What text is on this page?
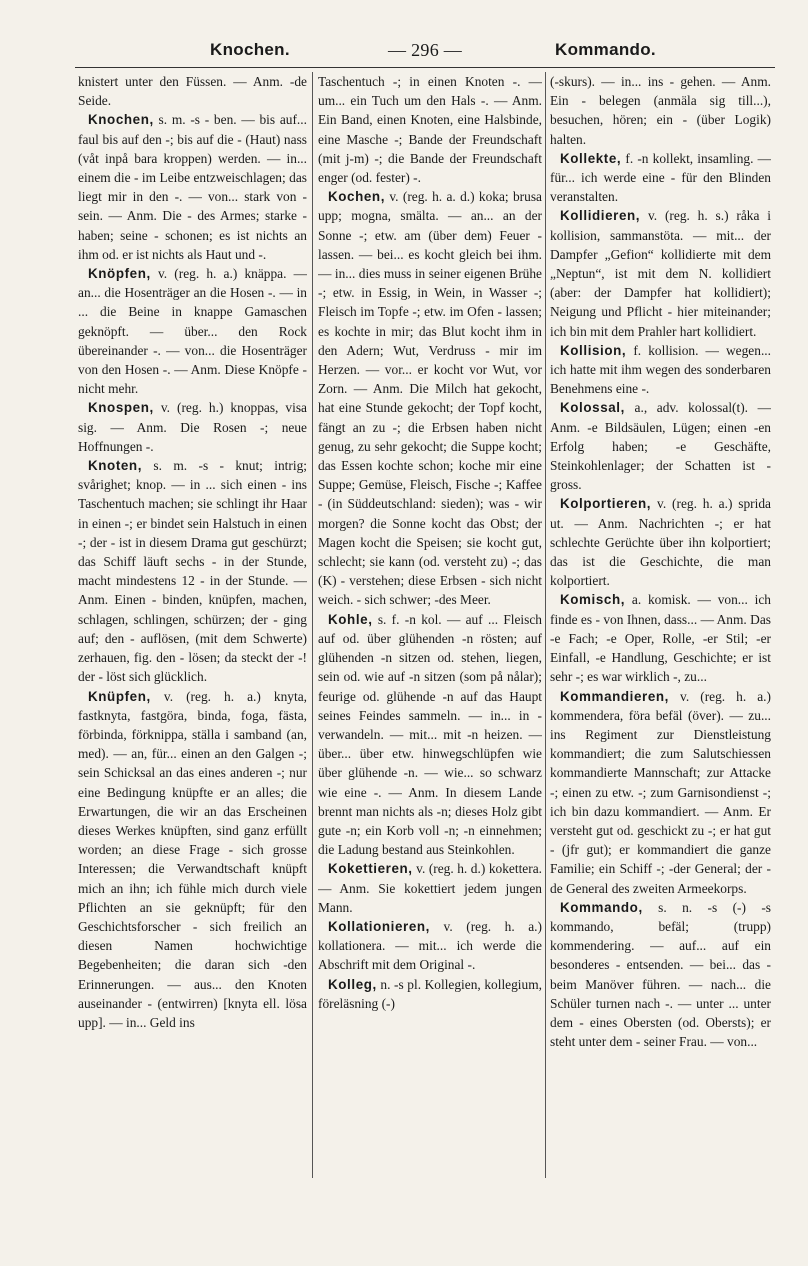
Knochen.	— 296 —	Kommando.

knistert unter den Füssen. — Anm. -de Seide.

Knochen, s. m. -s - ben. — bis auf... faul bis auf den -; bis auf die - (Haut) nass (våt inpå bara kroppen) werden. — in... einem die - im Leibe entzweischlagen; das liegt mir in den -. — von... stark von - sein. — Anm. Die - des Armes; starke - haben; seine - schonen; es ist nichts an ihm od. er ist nichts als Haut und -.

Knöpfen, v. (reg. h. a.) knäppa. — an... die Hosenträger an die Hosen -. — in ... die Beine in knappe Gamaschen geknöpft. — über... den Rock übereinander -. — von... die Hosenträger von den Hosen -. — Anm. Diese Knöpfe - nicht mehr.

Knospen, v. (reg. h.) knoppas, visa sig. — Anm. Die Rosen -; neue Hoffnungen -.

Knoten, s. m. -s - knut; intrig; svårighet; knop. — in ... sich einen - ins Taschentuch machen; sie schlingt ihr Haar in einen -; er bindet sein Halstuch in einen -; der - ist in diesem Drama gut geschürzt; das Schiff läuft sechs - in der Stunde, macht mindestens 12 - in der Stunde. — Anm. Einen - binden, knüpfen, machen, schlagen, schlingen, schürzen; der - ging auf; den - auflösen, (mit dem Schwerte) zerhauen, fig. den - lösen; da steckt der -! der - löst sich glücklich.

Knüpfen, v. (reg. h. a.) knyta, fastknyta, fastgöra, binda, foga, fästa, förbinda, förknippa, ställa i samband (an, med). — an, für... einen an den Galgen -; sein Schicksal an das eines anderen -; nur eine Bedingung knüpfte er an alles; die Erwartungen, die wir an das Erscheinen dieses Werkes knüpften, sind ganz erfüllt worden; an diese Frage - sich grosse Interessen; die Verwandtschaft knüpft mich an ihn; ich fühle mich durch viele Pflichten an sie geknüpft; für den Geschichtsforscher - sich freilich an diesen Namen hochwichtige Begebenheiten; die daran sich -den Erinnerungen. — aus... den Knoten auseinander - (entwirren) [knyta ell. lösa upp]. — in... Geld ins

Taschentuch -; in einen Knoten -. — um... ein Tuch um den Hals -. — Anm. Ein Band, einen Knoten, eine Halsbinde, eine Masche -; Bande der Freundschaft (mit j-m) -; die Bande der Freundschaft enger (od. fester) -.

Kochen, v. (reg. h. a. d.) koka; brusa upp; mogna, smälta. — an... an der Sonne -; etw. am (über dem) Feuer - lassen. — bei... es kocht gleich bei ihm. — in... dies muss in seiner eigenen Brühe -; etw. in Essig, in Wein, in Wasser -; Fleisch im Topfe -; etw. im Ofen - lassen; es kochte in mir; das Blut kocht ihm in den Adern; Wut, Verdruss - mir im Herzen. — vor... er kocht vor Wut, vor Zorn. — Anm. Die Milch hat gekocht, hat eine Stunde gekocht; der Topf kocht, fängt an zu -; die Erbsen haben nicht genug, zu sehr gekocht; die Suppe kocht; das Essen kochte schon; koche mir eine Suppe; Gemüse, Fleisch, Fische -; Kaffee - (in Süddeutschland: sieden); was - wir morgen? die Sonne kocht das Obst; der Magen kocht die Speisen; sie kocht gut, schlecht; sie kann (od. versteht zu) -; das (K) - verstehen; diese Erbsen - sich nicht weich. - sich schwer; -des Meer.

Kohle, s. f. -n kol. — auf ... Fleisch auf od. über glühenden -n rösten; auf glühenden -n sitzen od. stehen, liegen, sein od. wie auf -n sitzen (som på nålar); feurige od. glühende -n auf das Haupt seines Feindes sammeln. — in... in - verwandeln. — mit... mit -n heizen. — über... über etw. hinwegschlüpfen wie über glühende -n. — wie... so schwarz wie eine -. — Anm. In diesem Lande brennt man nichts als -n; dieses Holz gibt gute -n; ein Korb voll -n; -n einnehmen; die Ladung bestand aus Steinkohlen.

Kokettieren, v. (reg. h. d.) kokettera. — Anm. Sie kokettiert jedem jungen Mann.

Kollationieren, v. (reg. h. a.) kollationera. — mit... ich werde die Abschrift mit dem Original -.

Kolleg, n. -s pl. Kollegien, kollegium, föreläsning (-)

(-skurs). — in... ins - gehen. — Anm. Ein - belegen (anmäla sig till...), besuchen, hören; ein - (über Logik) halten.

Kollekte, f. -n kollekt, insamling. — für... ich werde eine - für den Blinden veranstalten.

Kollidieren, v. (reg. h. s.) råka i kollision, sammanstöta. — mit... der Dampfer „Gefion“ kollidierte mit dem „Neptun“, ist mit dem N. kollidiert (aber: der Dampfer hat kollidiert); Neigung und Pflicht - hier miteinander; ich bin mit dem Prahler hart kollidiert.

Kollision, f. kollision. — wegen... ich hatte mit ihm wegen des sonderbaren Benehmens eine -.

Kolossal, a., adv. kolossal(t). — Anm. -e Bildsäulen, Lügen; einen -en Erfolg haben; -e Geschäfte, Steinkohlenlager; der Schatten ist - gross.

Kolportieren, v. (reg. h. a.) sprida ut. — Anm. Nachrichten -; er hat schlechte Gerüchte über ihn kolportiert; das ist die Geschichte, die man kolportiert.

Komisch, a. komisk. — von... ich finde es - von Ihnen, dass... — Anm. Das -e Fach; -e Oper, Rolle, -er Stil; -er Einfall, -e Handlung, Geschichte; er ist sehr -; es war wirklich -, zu...

Kommandieren, v. (reg. h. a.) kommendera, föra befäl (över). — zu... ins Regiment zur Dienstleistung kommandiert; die zum Salutschiessen kommandierte Mannschaft; zur Attacke -; einen zu etw. -; zum Garnisondienst -; ich bin dazu kommandiert. — Anm. Er versteht gut od. geschickt zu -; er hat gut - (jfr gut); er kommandiert die ganze Familie; ein Schiff -; -der General; der -de General des zweiten Armeekorps.

Kommando, s. n. -s (-) -s kommando, befäl; (trupp) kommendering. — auf... auf ein besonderes - entsenden. — bei... das - beim Manöver führen. — nach... die Schüler turnen nach -. — unter ... unter dem - eines Obersten (od. Obersts); er steht unter dem - seiner Frau. — von...
